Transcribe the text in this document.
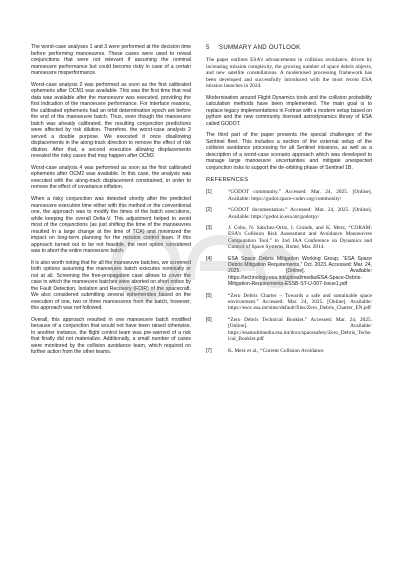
The worst-case analyses 1 and 3 were performed at the decision time before performing manoeuvres. These cases were used to reveal conjunctions that were not relevant if assuming the nominal manoeuvre performance but could become risky in case of a certain manoeuvre misperformance.

Worst-case analysis 2 was performed as soon as the first calibrated ephemeris after OCM1 was available. This was the first time that real data was available after the manoeuvre was executed, providing the first indication of the manoeuvre performance. For interface reasons, the calibrated ephemeris had an orbit determination epoch set before the end of the manoeuvre batch. Thus, even though the manoeuvre batch was already calibrated, the resulting conjunction predictions were affected by risk dilution. Therefore, the worst-case analysis 2 served a double purpose. We executed it once disallowing displacements in the along-track direction to remove the effect of risk dilution. After that, a second execution allowing displacements revealed the risky cases that may happen after OCM2.

Worst-case analysis 4 was performed as soon as the first calibrated ephemeris after OCM2 was available. In this case, the analysis was executed with the along-track displacement constrained, in order to remove the effect of covariance inflation.

When a risky conjunction was detected shortly after the predicted manoeuvre execution time either with this method or the conventional one, the approach was to modify the times of the batch executions, while keeping the overall Delta-V. This adjustment helped to avoid most of the conjunctions (as just shifting the time of the manoeuvres resulted in a large change at the time of TCA) and minimized the impact on long-term planning for the mission control team. If this approach turned out to be not feasible, the next option considered was to abort the entire manoeuvre batch.

It is also worth noting that for all the manoeuvre batches, we screened both options assuming the manoeuvre batch executes nominally or not at all. Screening the free-propagation case allows to cover the case in which the manoeuvre batches were aborted on short notice by the Fault Detection, Isolation and Recovery (FDIR) of the spacecraft. We also considered submitting several ephemerides based on the execution of one, two or three manoeuvres from the batch, however, this approach was not followed.

Overall, this approach resulted in one manoeuvre batch modified because of a conjunction that would not have been raised otherwise. In another instance, the flight control team was pre-warned of a risk that finally did not materialize. Additionally, a small number of cases were monitored by the collision avoidance team, which required no further action from the other teams.

5 SUMMARY AND OUTLOOK

The paper outlines ESA’s advancements in collision avoidance, driven by increasing mission complexity, the growing number of space debris objects, and new satellite constellations. A modernised processing framework has been developed and successfully introduced with the most recent ESA mission launches in 2024.

Modernisation around Flight Dynamics tools and the collision probability calculation methods have been implemented. The main goal is to replace legacy implementations in Fortran with a modern setup based on python and the new community licensed astrodynamics library of ESA called GODOT.

The third part of the paper presents the special challenges of the Sentinel fleet. This includes a section of the external setup of the collision avoidance processing for all Sentinel missions, as well as a description of a worst-case scenario approach which was developed to manage large manoeuvre uncertainties and mitigate unexpected conjunction risks to support the de-orbiting phase of Sentinel 1B.

REFERENCES
[1]	“GODOT community.” Accessed: Mar. 24, 2025. [Online]. Available: https://godot.space-codev.org/community/
[2]	“GODOT documentation.” Accessed: Mar. 24, 2025. [Online]. Available: https://godot.io.esa.int/godotpy/
[3]	J. Cobo, N. Sánchez-Ortiz, I. Grande, and K. Merz, “CORAM: ESA’s Collision Risk Assessment and Avoidance Manoeuvres Computation Tool,” in 2nd IAA Conference on Dynamics and Control of Space Systems, Rome, Mar. 2014.
[4]	ESA Space Debris Mitigation Working Group, “ESA Space Debris Mitigation Requirements,” Oct. 2023. Accessed: Mar. 24, 2025. [Online]. Available: https://technology.esa.int/upload/media/ESA-Space-Debris-Mitigation-Requirements-ESSB-ST-U-007-Issue1.pdf
[5]	“Zero Debris Charter – Towards a safe and sustainable space environment.” Accessed: Mar. 24, 2025. [Online]. Available: https://esoc.esa.int/sites/default/files/Zero_Debris_Charter_EN.pdf
[6]	“Zero Debris Technical Booklet.” Accessed: Mar. 24, 2025. [Online]. Available: https://esamultimedia.esa.int/docs/spacesafety/Zero_Debris_Technical_Booklet.pdf
[7]	K. Merz et al., “Current Collision Avoidance
